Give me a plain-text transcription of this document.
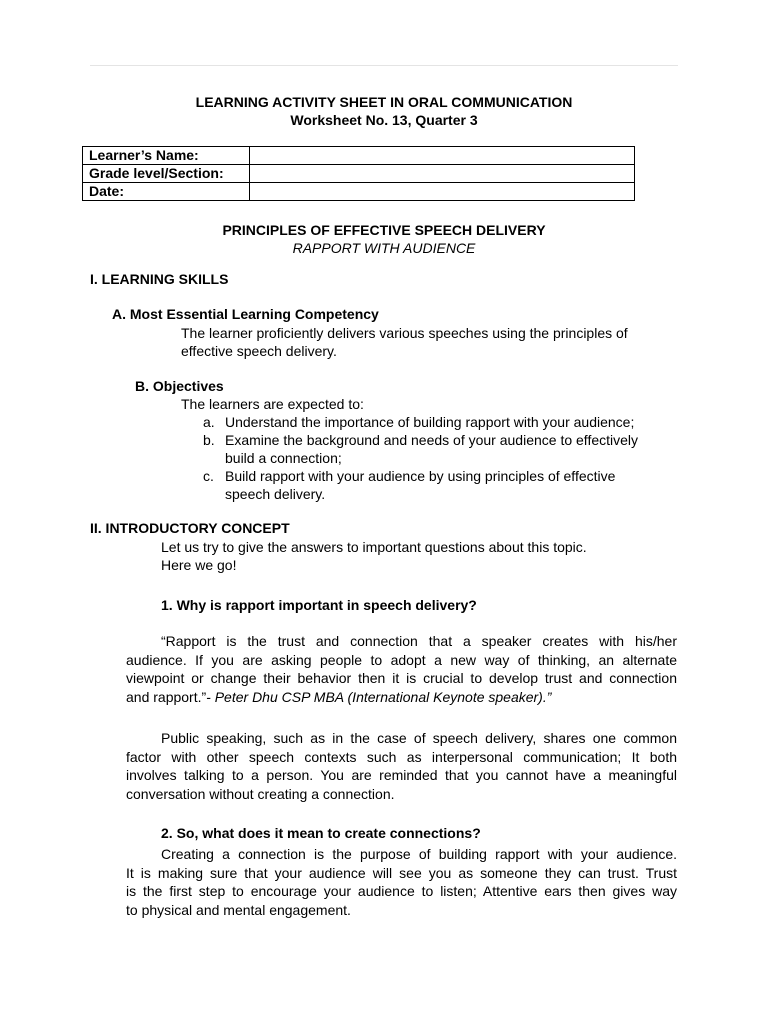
LEARNING ACTIVITY SHEET IN ORAL COMMUNICATION
Worksheet No. 13, Quarter 3
Learner’s Name:	
Grade level/Section:	
Date:	
PRINCIPLES OF EFFECTIVE SPEECH DELIVERY
RAPPORT WITH AUDIENCE
I. LEARNING SKILLS
A. Most Essential Learning Competency
The learner proficiently delivers various speeches using the principles of
effective speech delivery.
B. Objectives
The learners are expected to:
a. Understand the importance of building rapport with your audience;
b. Examine the background and needs of your audience to effectively
build a connection;
c. Build rapport with your audience by using principles of effective
speech delivery.
II. INTRODUCTORY CONCEPT
Let us try to give the answers to important questions about this topic.
Here we go!
1. Why is rapport important in speech delivery?
“Rapport is the trust and connection that a speaker creates with his/her
audience. If you are asking people to adopt a new way of thinking, an alternate
viewpoint or change their behavior then it is crucial to develop trust and connection
and rapport.”- Peter Dhu CSP MBA (International Keynote speaker).”
Public speaking, such as in the case of speech delivery, shares one common
factor with other speech contexts such as interpersonal communication; It both
involves talking to a person. You are reminded that you cannot have a meaningful
conversation without creating a connection.
2. So, what does it mean to create connections?
Creating a connection is the purpose of building rapport with your audience.
It is making sure that your audience will see you as someone they can trust. Trust
is the first step to encourage your audience to listen; Attentive ears then gives way
to physical and mental engagement.
